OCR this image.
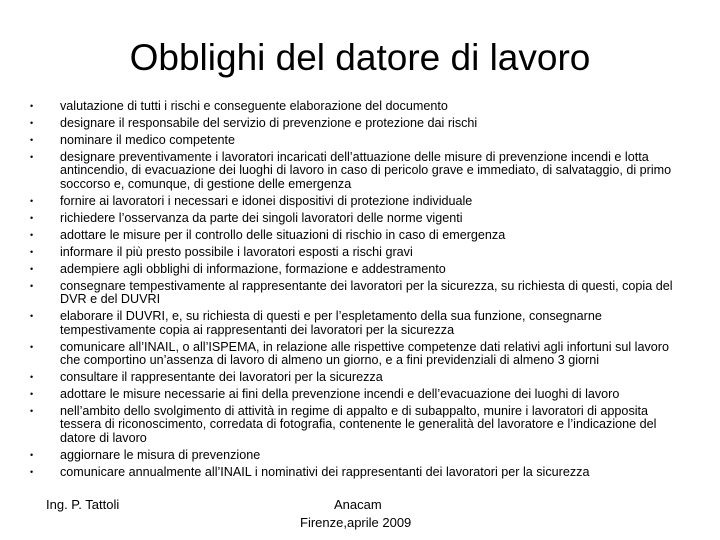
Obblighi del datore di lavoro
•	valutazione di tutti i rischi e conseguente elaborazione del documento
•	designare il responsabile del servizio di prevenzione e protezione dai rischi
•	nominare il medico competente
•	designare preventivamente i lavoratori incaricati dell’attuazione delle misure di prevenzione incendi e lotta antincendio, di evacuazione dei luoghi di lavoro in caso di pericolo grave e immediato, di salvataggio, di primo soccorso e, comunque, di gestione delle emergenza
•	fornire ai lavoratori i necessari e idonei dispositivi di protezione individuale
•	richiedere l’osservanza da parte dei singoli lavoratori delle norme vigenti
•	adottare le misure per il controllo delle situazioni di rischio in caso di emergenza
•	informare il più presto possibile i lavoratori esposti a rischi gravi
•	adempiere agli obblighi di informazione, formazione e addestramento
•	consegnare tempestivamente al rappresentante dei lavoratori per la sicurezza, su richiesta di questi, copia del DVR e del DUVRI
•	elaborare il DUVRI, e, su richiesta di questi e per l’espletamento della sua funzione, consegnarne tempestivamente copia ai rappresentanti dei lavoratori per la sicurezza
•	comunicare all’INAIL, o all’ISPEMA, in relazione alle rispettive competenze dati relativi agli infortuni sul lavoro che comportino un’assenza di lavoro di almeno un giorno, e a fini previdenziali di almeno 3 giorni
•	consultare il rappresentante dei lavoratori per la sicurezza
•	adottare le misure necessarie ai fini della prevenzione incendi e dell’evacuazione dei luoghi di lavoro
•	nell’ambito dello svolgimento di attività in regime di appalto e di subappalto, munire i lavoratori di apposita tessera di riconoscimento, corredata di fotografia, contenente le generalità del lavoratore e l’indicazione del datore di lavoro
•	aggiornare le misura di prevenzione
•	comunicare annualmente all’INAIL i nominativi dei rappresentanti dei lavoratori per la sicurezza
Ing. P. Tattoli	Anacam
Firenze,aprile 2009
